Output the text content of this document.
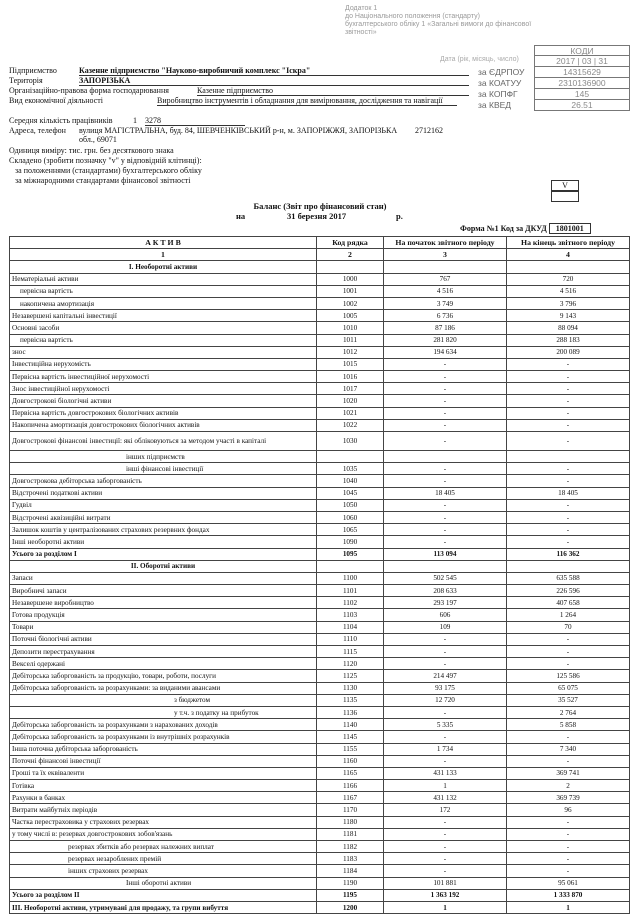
Додаток 1
до Національного положення (стандарту)
бухгалтерського обліку 1 «Загальні вимоги до фінансової звітності»
КОДИ
Дата (рік, місяць, число)	2017 | 03 | 31
за ЄДРПОУ	14315629
за КОАТУУ	2310136900
за КОПФГ	145
за КВЕД	26.51
Підприємство	Казенне підприємство "Науково-виробничий комплекс "Іскра"
Територія	ЗАПОРІЗЬКА
Організаційно-правова форма господарювання	Казенне підприємство
Вид економічної діяльності	Виробництво інструментів і обладнання для вимірювання, дослідження та навігації
Середня кількість працівників	1 3278
Адреса, телефон вулиця МАГІСТРАЛЬНА, буд. 84, ШЕВЧЕНКІВСЬКИЙ р-н, м. ЗАПОРІЖЖЯ, ЗАПОРІЗЬКА обл., 690712712162
Одиниця виміру: тис. грн. без десяткового знака
Складено (зробити позначку "v" у відповідній клітинці):
за положеннями (стандартами) бухгалтерського обліку
за міжнародними стандартами фінансової звітності
V
Баланс (Звіт про фінансовий стан)
на	31 березня 2017	р.
Форма №1 Код за ДКУД 1801001
А К Т И В	Код рядка	На початок звітного періоду	На кінець звітного періоду
1	2	3	4
I. Необоротні активи			
Нематеріальні активи	1000	767	720
первісна вартість	1001	4 516	4 516
накопичена амортизація	1002	3 749	3 796
Незавершені капітальні інвестиції	1005	6 736	9 143
Основні засоби	1010	87 186	88 094
первісна вартість	1011	281 820	288 183
знос	1012	194 634	200 089
Інвестиційна нерухомість	1015	-	-
Первісна вартість інвестиційної нерухомості	1016	-	-
Знос інвестиційної нерухомості	1017	-	-
Довгострокові біологічні активи	1020	-	-
Первісна вартість довгострокових біологічних активів	1021	-	-
Накопичена амортизація довгострокових біологічних активів	1022	-	-
Довгострокові фінансові інвестиції: які обліковуються за методом участі в капіталі	1030	-	-
інших підприємств			
інші фінансові інвестиції	1035	-	-
Довгострокова дебіторська заборгованість	1040	-	-
Відстрочені податкові активи	1045	18 405	18 405
Гудвіл	1050	-	-
Відстрочені аквізиційні витрати	1060	-	-
Залишок коштів у централізованих страхових резервних фондах	1065	-	-
Інші необоротні активи	1090	-	-
Усього за розділом І	1095	113 094	116 362
II. Оборотні активи			
Запаси	1100	502 545	635 588
Виробничі запаси	1101	208 633	226 596
Незавершене виробництво	1102	293 197	407 658
Готова продукція	1103	606	1 264
Товари	1104	109	70
Поточні біологічні активи	1110	-	-
Депозити перестрахування	1115	-	-
Векселі одержані	1120	-	-
Дебіторська заборгованість за продукцію, товари, роботи, послуги	1125	214 497	125 586
Дебіторська заборгованість за розрахунками: за виданими авансами	1130	93 175	65 075
з бюджетом	1135	12 720	35 527
у т.ч. з податку на прибуток	1136	-	2 764
Дебіторська заборгованість за розрахунками з нарахованих доходів	1140	5 335	5 858
Дебіторська заборгованість за розрахунками із внутрішніх розрахунків	1145	-	-
Інша поточна дебіторська заборгованість	1155	1 734	7 340
Поточні фінансові інвестиції	1160	-	-
Гроші та їх еквіваленти	1165	431 133	369 741
Готівка	1166	1	2
Рахунки в банках	1167	431 132	369 739
Витрати майбутніх періодів	1170	172	96
Частка перестраховика у страхових резервах	1180	-	-
у тому числі в: резервах довгострокових зобов'язань	1181	-	-
резервах збитків або резервах належних виплат	1182	-	-
резервах незароблених премій	1183	-	-
інших страхових резервах	1184	-	-
Інші оборотні активи	1190	101 881	95 061
Усього за розділом II	1195	1 363 192	1 333 870
III. Необоротні активи, утримувані для продажу, та групи вибуття	1200	1	1
